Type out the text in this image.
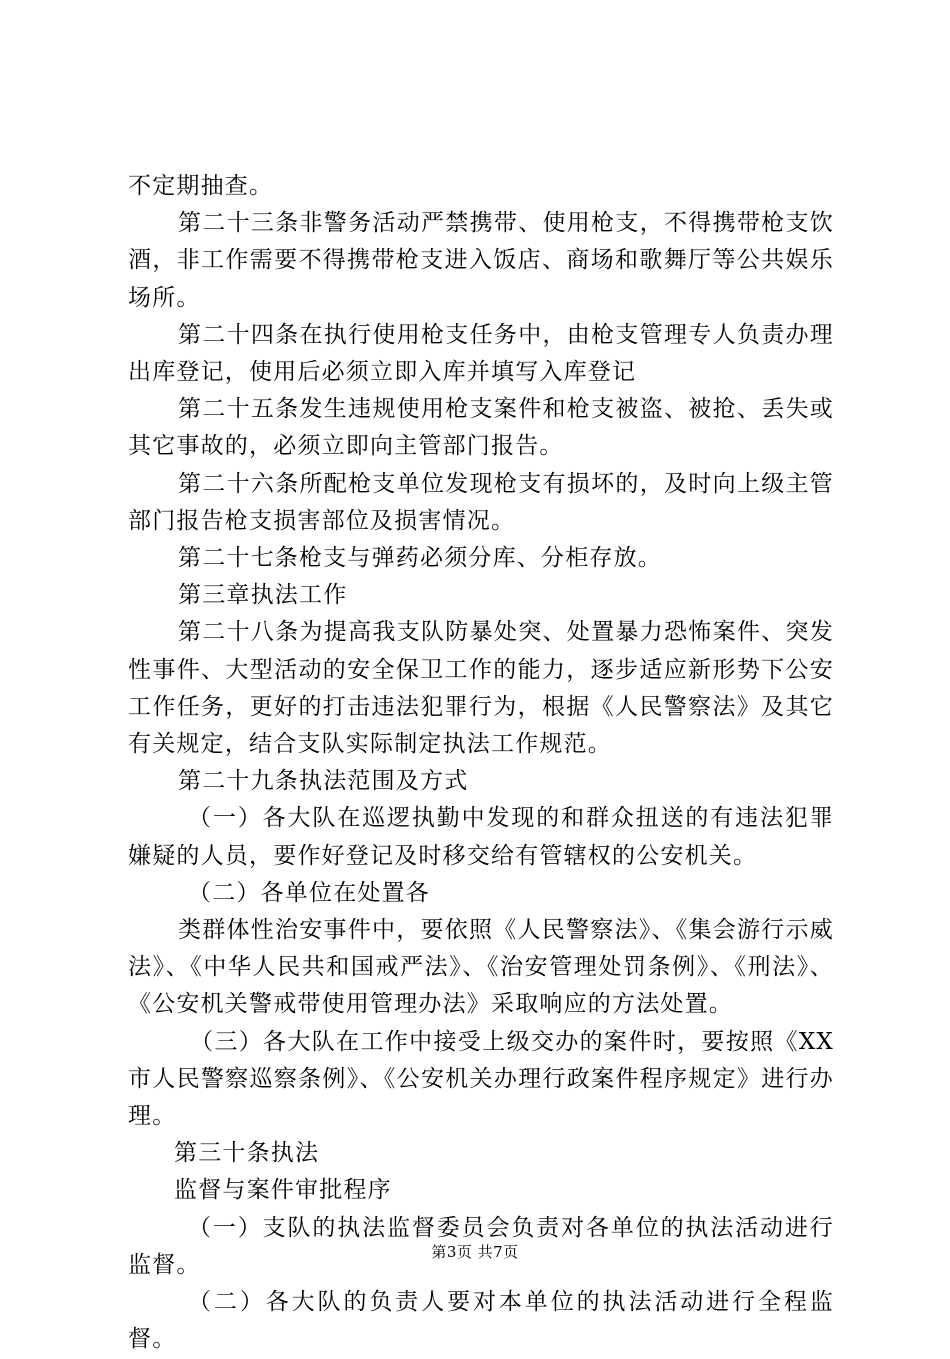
不定期抽查。

第二十三条非警务活动严禁携带、使用枪支，不得携带枪支饮酒，非工作需要不得携带枪支进入饭店、商场和歌舞厅等公共娱乐场所。

第二十四条在执行使用枪支任务中，由枪支管理专人负责办理出库登记，使用后必须立即入库并填写入库登记

第二十五条发生违规使用枪支案件和枪支被盗、被抢、丢失或其它事故的，必须立即向主管部门报告。

第二十六条所配枪支单位发现枪支有损坏的，及时向上级主管部门报告枪支损害部位及损害情况。

第二十七条枪支与弹药必须分库、分柜存放。

第三章执法工作

第二十八条为提高我支队防暴处突、处置暴力恐怖案件、突发性事件、大型活动的安全保卫工作的能力，逐步适应新形势下公安工作任务，更好的打击违法犯罪行为，根据《人民警察法》及其它有关规定，结合支队实际制定执法工作规范。

第二十九条执法范围及方式

（一）各大队在巡逻执勤中发现的和群众扭送的有违法犯罪嫌疑的人员，要作好登记及时移交给有管辖权的公安机关。

（二）各单位在处置各

类群体性治安事件中，要依照《人民警察法》、《集会游行示威法》、《中华人民共和国戒严法》、《治安管理处罚条例》、《刑法》、《公安机关警戒带使用管理办法》采取响应的方法处置。

（三）各大队在工作中接受上级交办的案件时，要按照《XX市人民警察巡察条例》、《公安机关办理行政案件程序规定》进行办理。

第三十条执法

监督与案件审批程序

（一）支队的执法监督委员会负责对各单位的执法活动进行监督。

（二）各大队的负责人要对本单位的执法活动进行全程监督。

第3页 共7页
